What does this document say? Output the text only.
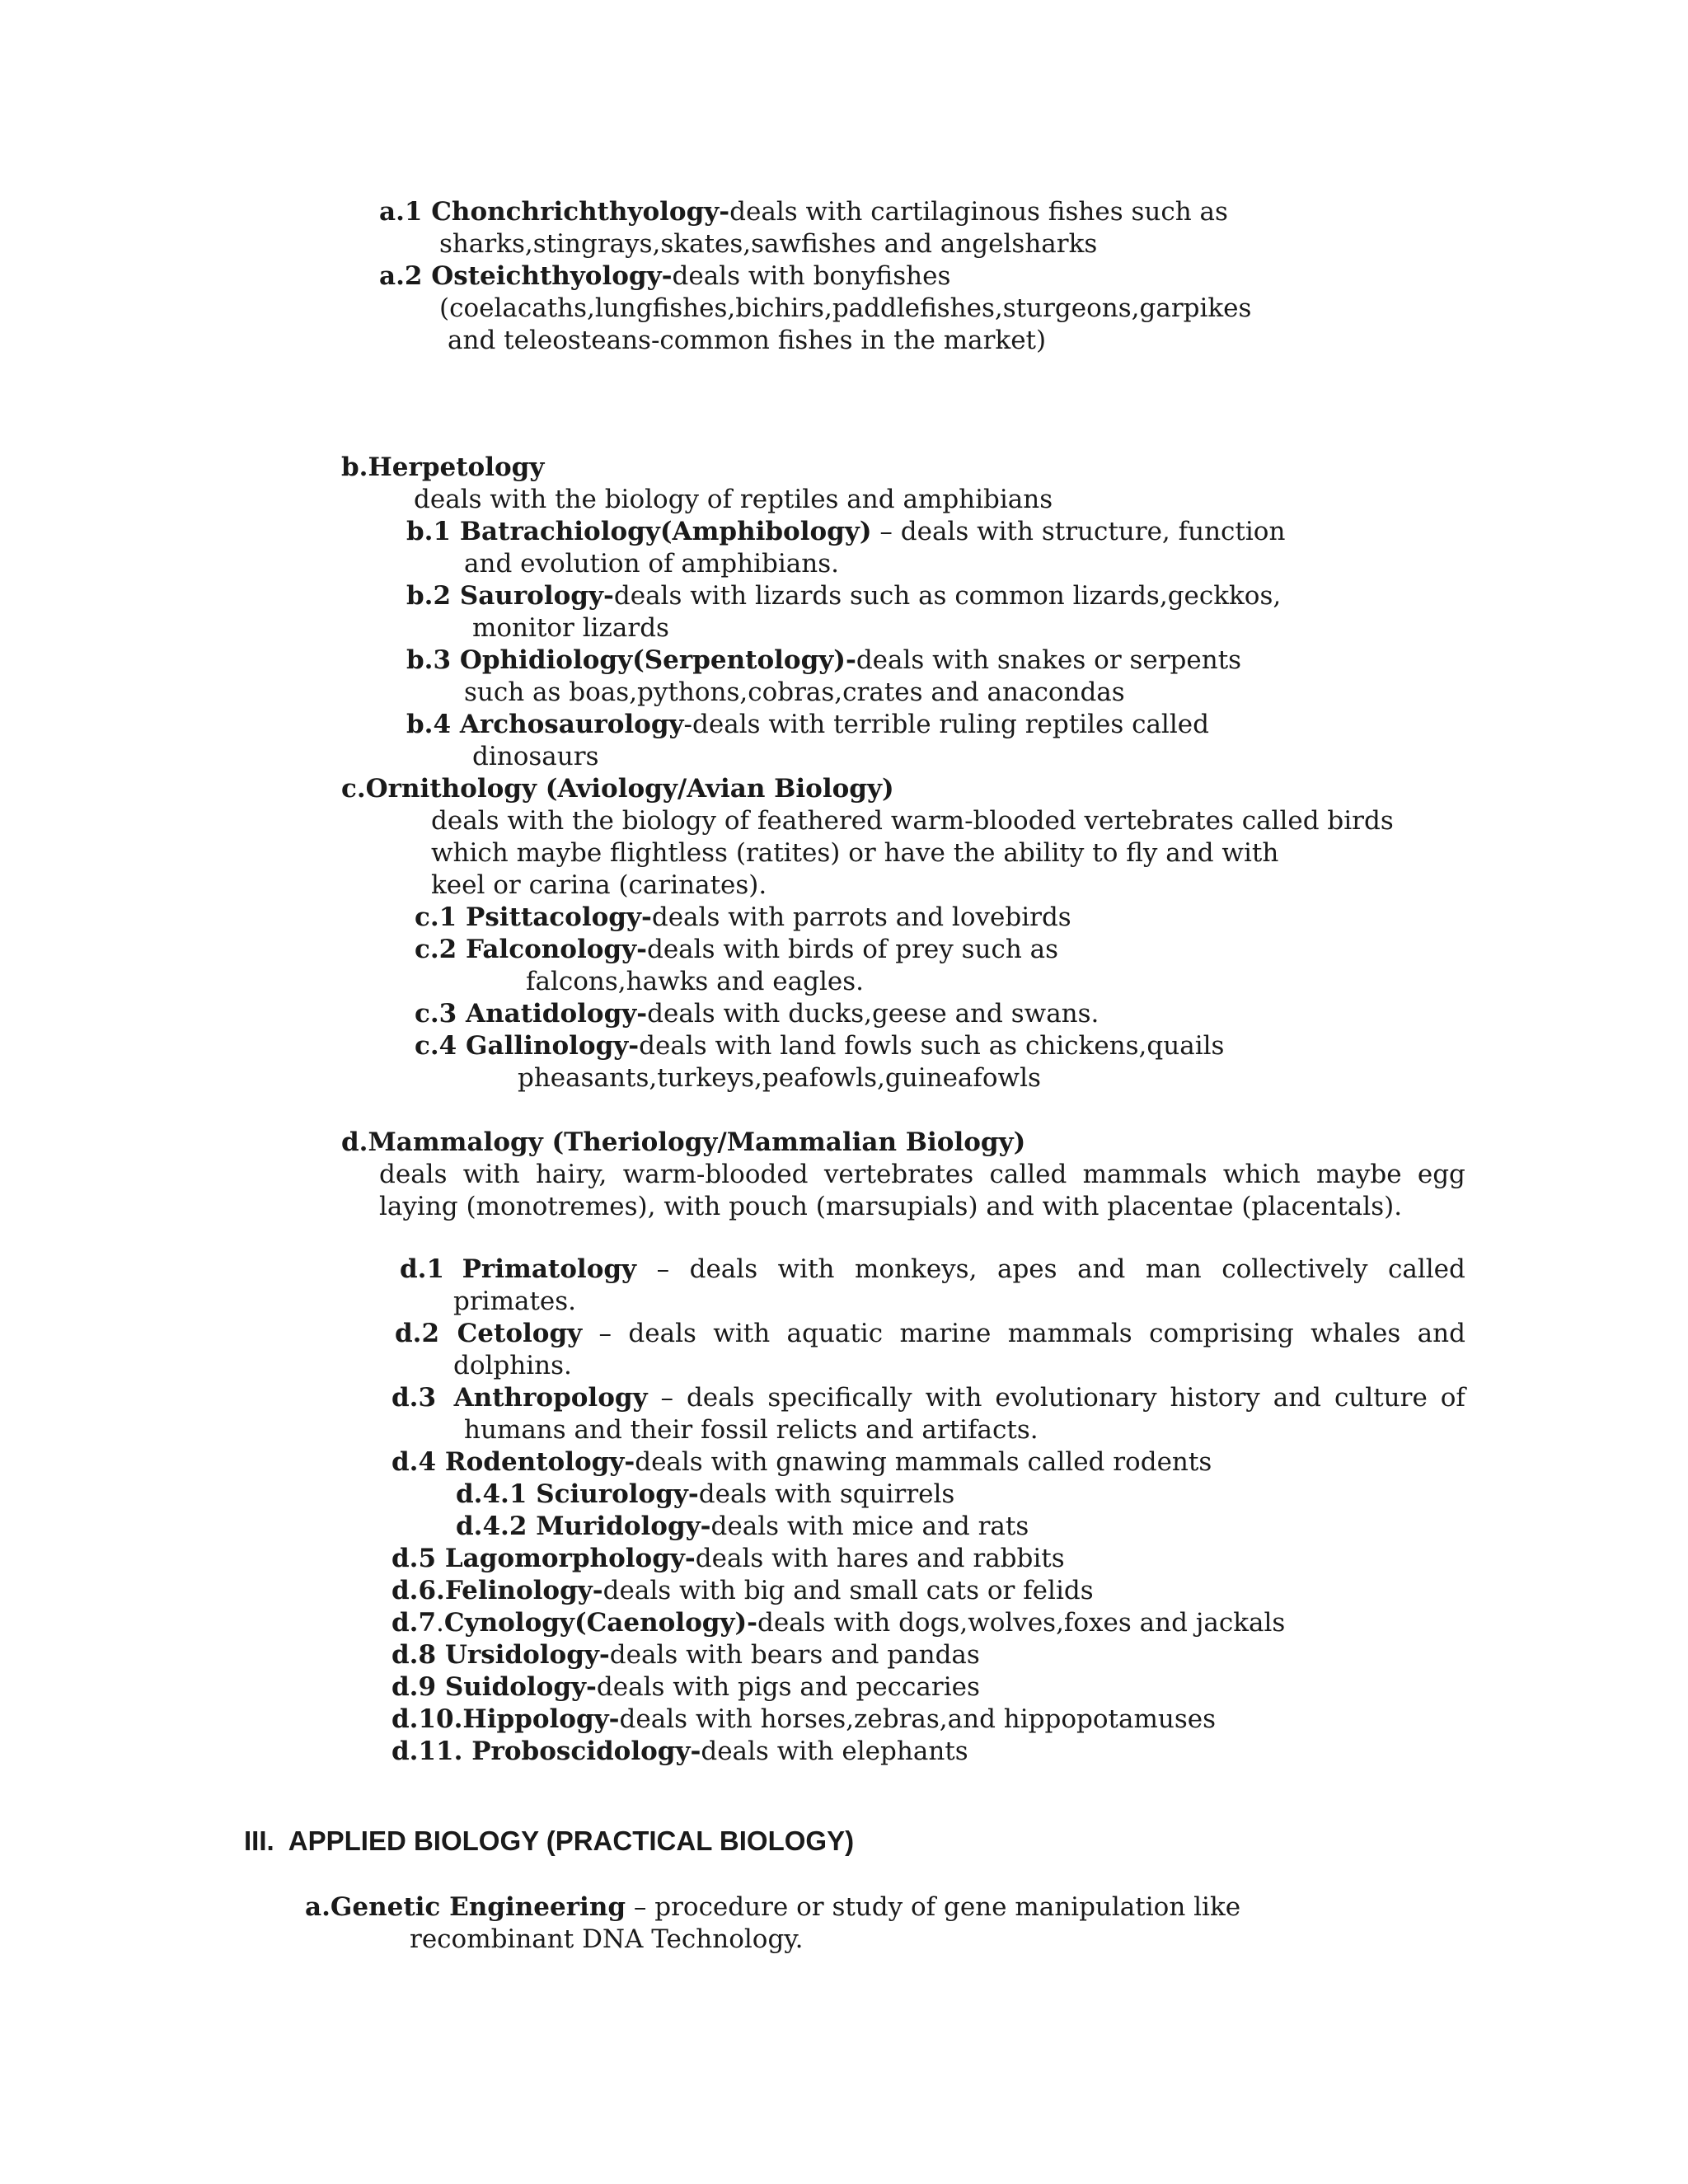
a.1 Chonchrichthyology-deals with cartilaginous fishes such as
sharks,stingrays,skates,sawfishes and angelsharks
a.2 Osteichthyology-deals with bonyfishes
(coelacaths,lungfishes,bichirs,paddlefishes,sturgeons,garpikes
and teleosteans-common fishes in the market)
b.Herpetology
deals with the biology of reptiles and amphibians
b.1 Batrachiology(Amphibology) – deals with structure, function
and evolution of amphibians.
b.2 Saurology-deals with lizards such as common lizards,geckkos,
monitor lizards
b.3 Ophidiology(Serpentology)-deals with snakes or serpents
such as boas,pythons,cobras,crates and anacondas
b.4 Archosaurology-deals with terrible ruling reptiles called
dinosaurs
c.Ornithology (Aviology/Avian Biology)
deals with the biology of feathered warm-blooded vertebrates called birds
which maybe flightless (ratites) or have the ability to fly and with
keel or carina (carinates).
c.1 Psittacology-deals with parrots and lovebirds
c.2 Falconology-deals with birds of prey such as
falcons,hawks and eagles.
c.3 Anatidology-deals with ducks,geese and swans.
c.4 Gallinology-deals with land fowls such as chickens,quails
pheasants,turkeys,peafowls,guineafowls
d.Mammalogy (Theriology/Mammalian Biology)
deals with hairy, warm-blooded vertebrates called mammals which maybe egg
laying (monotremes), with pouch (marsupials) and with placentae (placentals).
d.1  Primatology – deals with monkeys, apes and man collectively called
primates.
d.2  Cetology – deals with aquatic marine mammals comprising whales and
dolphins.
d.3  Anthropology – deals specifically with evolutionary history and culture of
humans and their fossil relicts and artifacts.
d.4 Rodentology-deals with gnawing mammals called rodents
d.4.1 Sciurology-deals with squirrels
d.4.2 Muridology-deals with mice and rats
d.5 Lagomorphology-deals with hares and rabbits
d.6.Felinology-deals with big and small cats or felids
d.7.Cynology(Caenology)-deals with dogs,wolves,foxes and jackals
d.8 Ursidology-deals with bears and pandas
d.9 Suidology-deals with pigs and peccaries
d.10.Hippology-deals with horses,zebras,and hippopotamuses
d.11. Proboscidology-deals with elephants
III.  APPLIED BIOLOGY (PRACTICAL BIOLOGY)
a.Genetic Engineering – procedure or study of gene manipulation like
recombinant DNA Technology.
